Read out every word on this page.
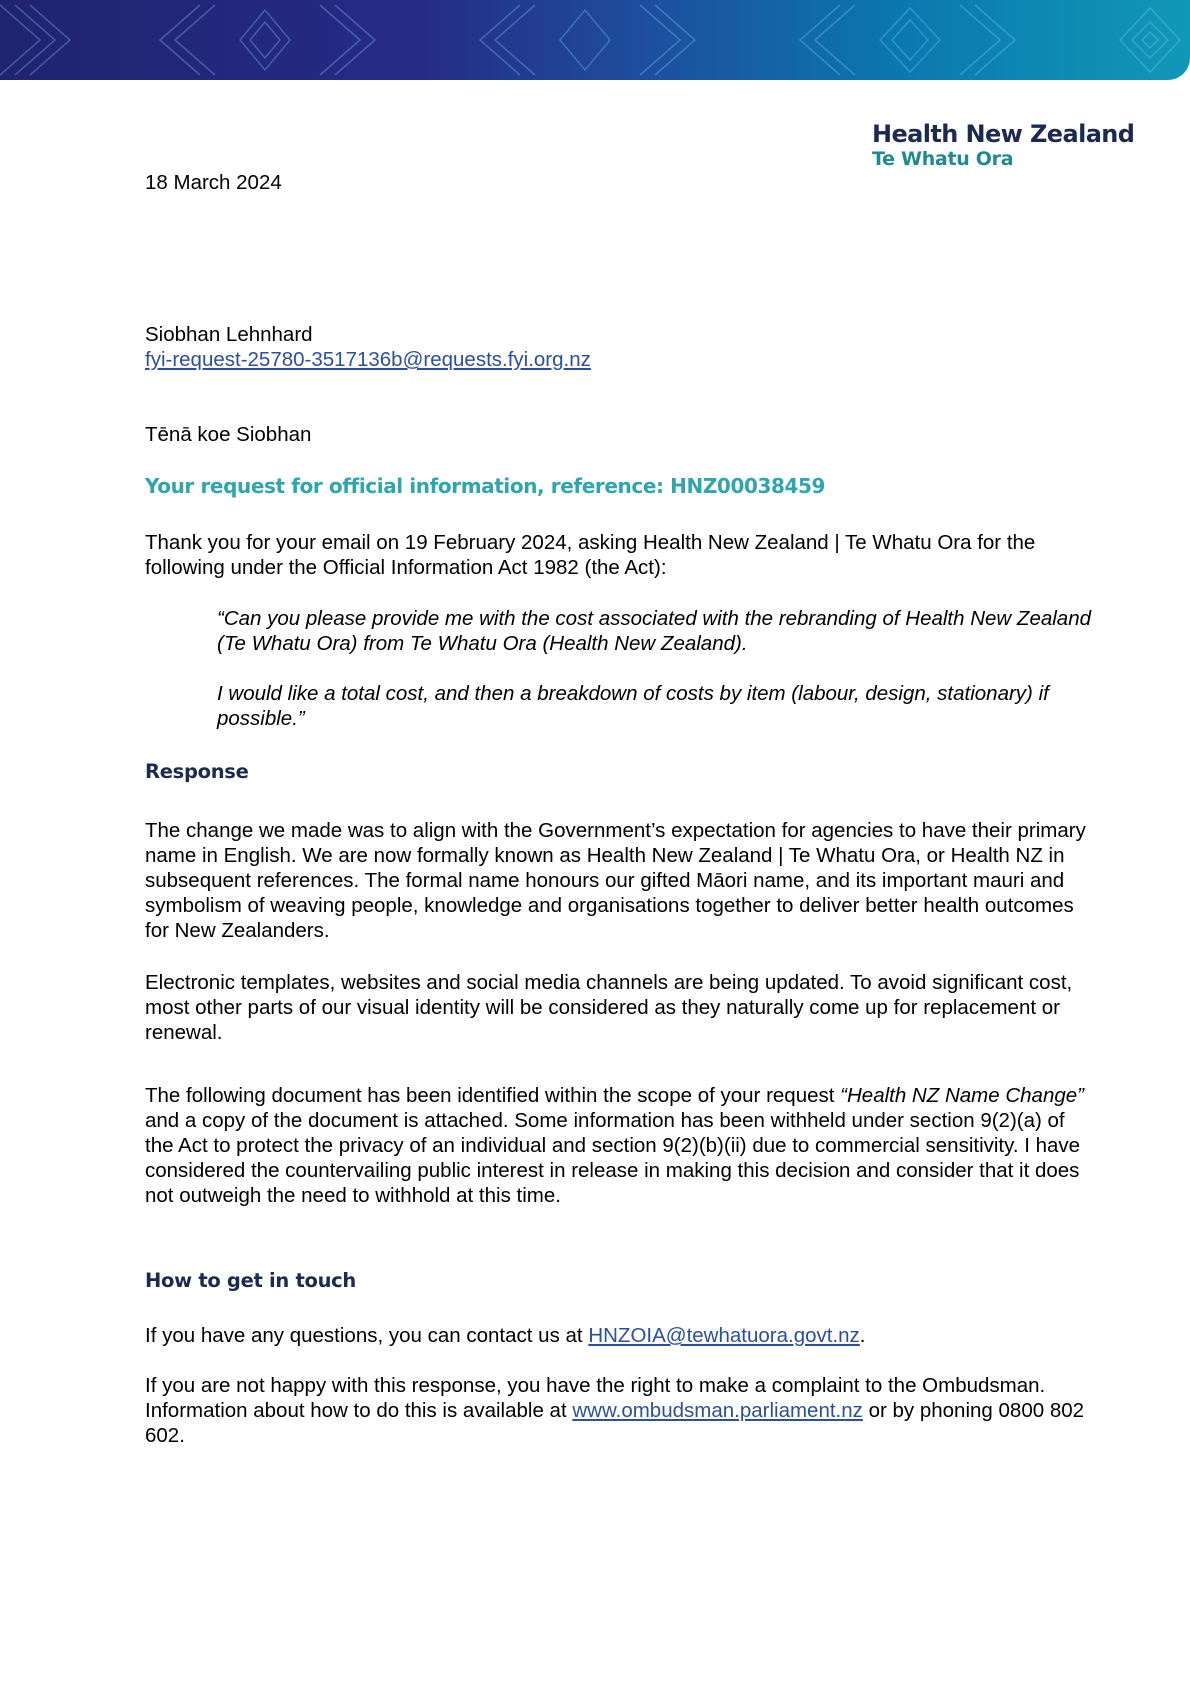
Health New Zealand
Te Whatu Ora
18 March 2024
Siobhan Lehnhard
fyi-request-25780-3517136b@requests.fyi.org.nz
Tēnā koe Siobhan
Your request for official information, reference: HNZ00038459
Thank you for your email on 19 February 2024, asking Health New Zealand | Te Whatu Ora for the following under the Official Information Act 1982 (the Act):
“Can you please provide me with the cost associated with the rebranding of Health New Zealand (Te Whatu Ora) from Te Whatu Ora (Health New Zealand).
I would like a total cost, and then a breakdown of costs by item (labour, design, stationary) if possible.”
Response
The change we made was to align with the Government’s expectation for agencies to have their primary name in English. We are now formally known as Health New Zealand | Te Whatu Ora, or Health NZ in subsequent references. The formal name honours our gifted Māori name, and its important mauri and symbolism of weaving people, knowledge and organisations together to deliver better health outcomes for New Zealanders.
Electronic templates, websites and social media channels are being updated. To avoid significant cost, most other parts of our visual identity will be considered as they naturally come up for replacement or renewal.
The following document has been identified within the scope of your request “Health NZ Name Change” and a copy of the document is attached. Some information has been withheld under section 9(2)(a) of the Act to protect the privacy of an individual and section 9(2)(b)(ii) due to commercial sensitivity. I have considered the countervailing public interest in release in making this decision and consider that it does not outweigh the need to withhold at this time.
How to get in touch
If you have any questions, you can contact us at HNZOIA@tewhatuora.govt.nz.
If you are not happy with this response, you have the right to make a complaint to the Ombudsman. Information about how to do this is available at www.ombudsman.parliament.nz or by phoning 0800 802 602.
